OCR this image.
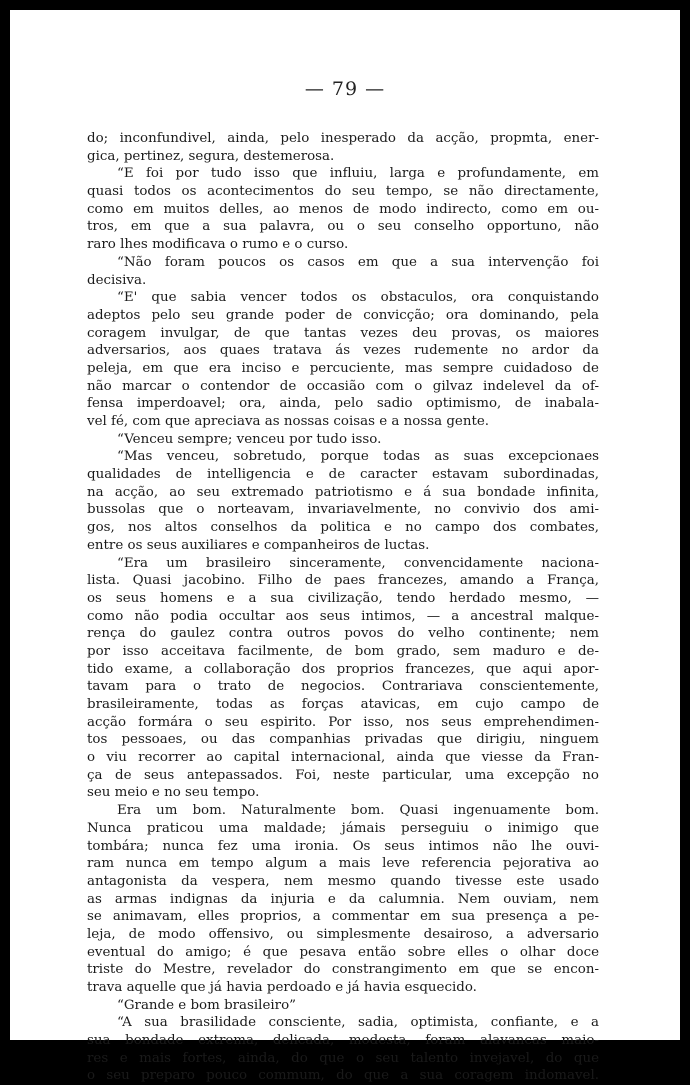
— 79 —
do; inconfundivel, ainda, pelo inesperado da acção, propmta, ener-
gica, pertinez, segura, destemerosa.
“E foi por tudo isso que influiu, larga e profundamente, em
quasi todos os acontecimentos do seu tempo, se não directamente,
como em muitos delles, ao menos de modo indirecto, como em ou-
tros, em que a sua palavra, ou o seu conselho opportuno, não
raro lhes modificava o rumo e o curso.
“Não foram poucos os casos em que a sua intervenção foi
decisiva.
“E' que sabia vencer todos os obstaculos, ora conquistando
adeptos pelo seu grande poder de convicção; ora dominando, pela
coragem invulgar, de que tantas vezes deu provas, os maiores
adversarios, aos quaes tratava ás vezes rudemente no ardor da
peleja, em que era inciso e percuciente, mas sempre cuidadoso de
não marcar o contendor de occasião com o gilvaz indelevel da of-
fensa imperdoavel; ora, ainda, pelo sadio optimismo, de inabala-
vel fé, com que apreciava as nossas coisas e a nossa gente.
“Venceu sempre; venceu por tudo isso.
“Mas venceu, sobretudo, porque todas as suas excepcionaes
qualidades de intelligencia e de caracter estavam subordinadas,
na acção, ao seu extremado patriotismo e á sua bondade infinita,
bussolas que o norteavam, invariavelmente, no convivio dos ami-
gos, nos altos conselhos da politica e no campo dos combates,
entre os seus auxiliares e companheiros de luctas.
“Era um brasileiro sinceramente, convencidamente naciona-
lista. Quasi jacobino. Filho de paes francezes, amando a França,
os seus homens e a sua civilização, tendo herdado mesmo, —
como não podia occultar aos seus intimos, — a ancestral malque-
rença do gaulez contra outros povos do velho continente; nem
por isso acceitava facilmente, de bom grado, sem maduro e de-
tido exame, a collaboração dos proprios francezes, que aqui apor-
tavam para o trato de negocios. Contrariava conscientemente,
brasileiramente, todas as forças atavicas, em cujo campo de
acção formára o seu espirito. Por isso, nos seus emprehendimen-
tos pessoaes, ou das companhias privadas que dirigiu, ninguem
o viu recorrer ao capital internacional, ainda que viesse da Fran-
ça de seus antepassados. Foi, neste particular, uma excepção no
seu meio e no seu tempo.
Era um bom. Naturalmente bom. Quasi ingenuamente bom.
Nunca praticou uma maldade; jámais perseguiu o inimigo que
tombára; nunca fez uma ironia. Os seus intimos não lhe ouvi-
ram nunca em tempo algum a mais leve referencia pejorativa ao
antagonista da vespera, nem mesmo quando tivesse este usado
as armas indignas da injuria e da calumnia. Nem ouviam, nem
se animavam, elles proprios, a commentar em sua presença a pe-
leja, de modo offensivo, ou simplesmente desairoso, a adversario
eventual do amigo; é que pesava então sobre elles o olhar doce
triste do Mestre, revelador do constrangimento em que se encon-
trava aquelle que já havia perdoado e já havia esquecido.
“Grande e bom brasileiro”
“A sua brasilidade consciente, sadia, optimista, confiante, e a
sua bondade extrema, delicada, modesta, foram alavancas maio-
res e mais fortes, ainda, do que o seu talento invejavel, do que
o seu preparo pouco commum, do que a sua coragem indomavel.
